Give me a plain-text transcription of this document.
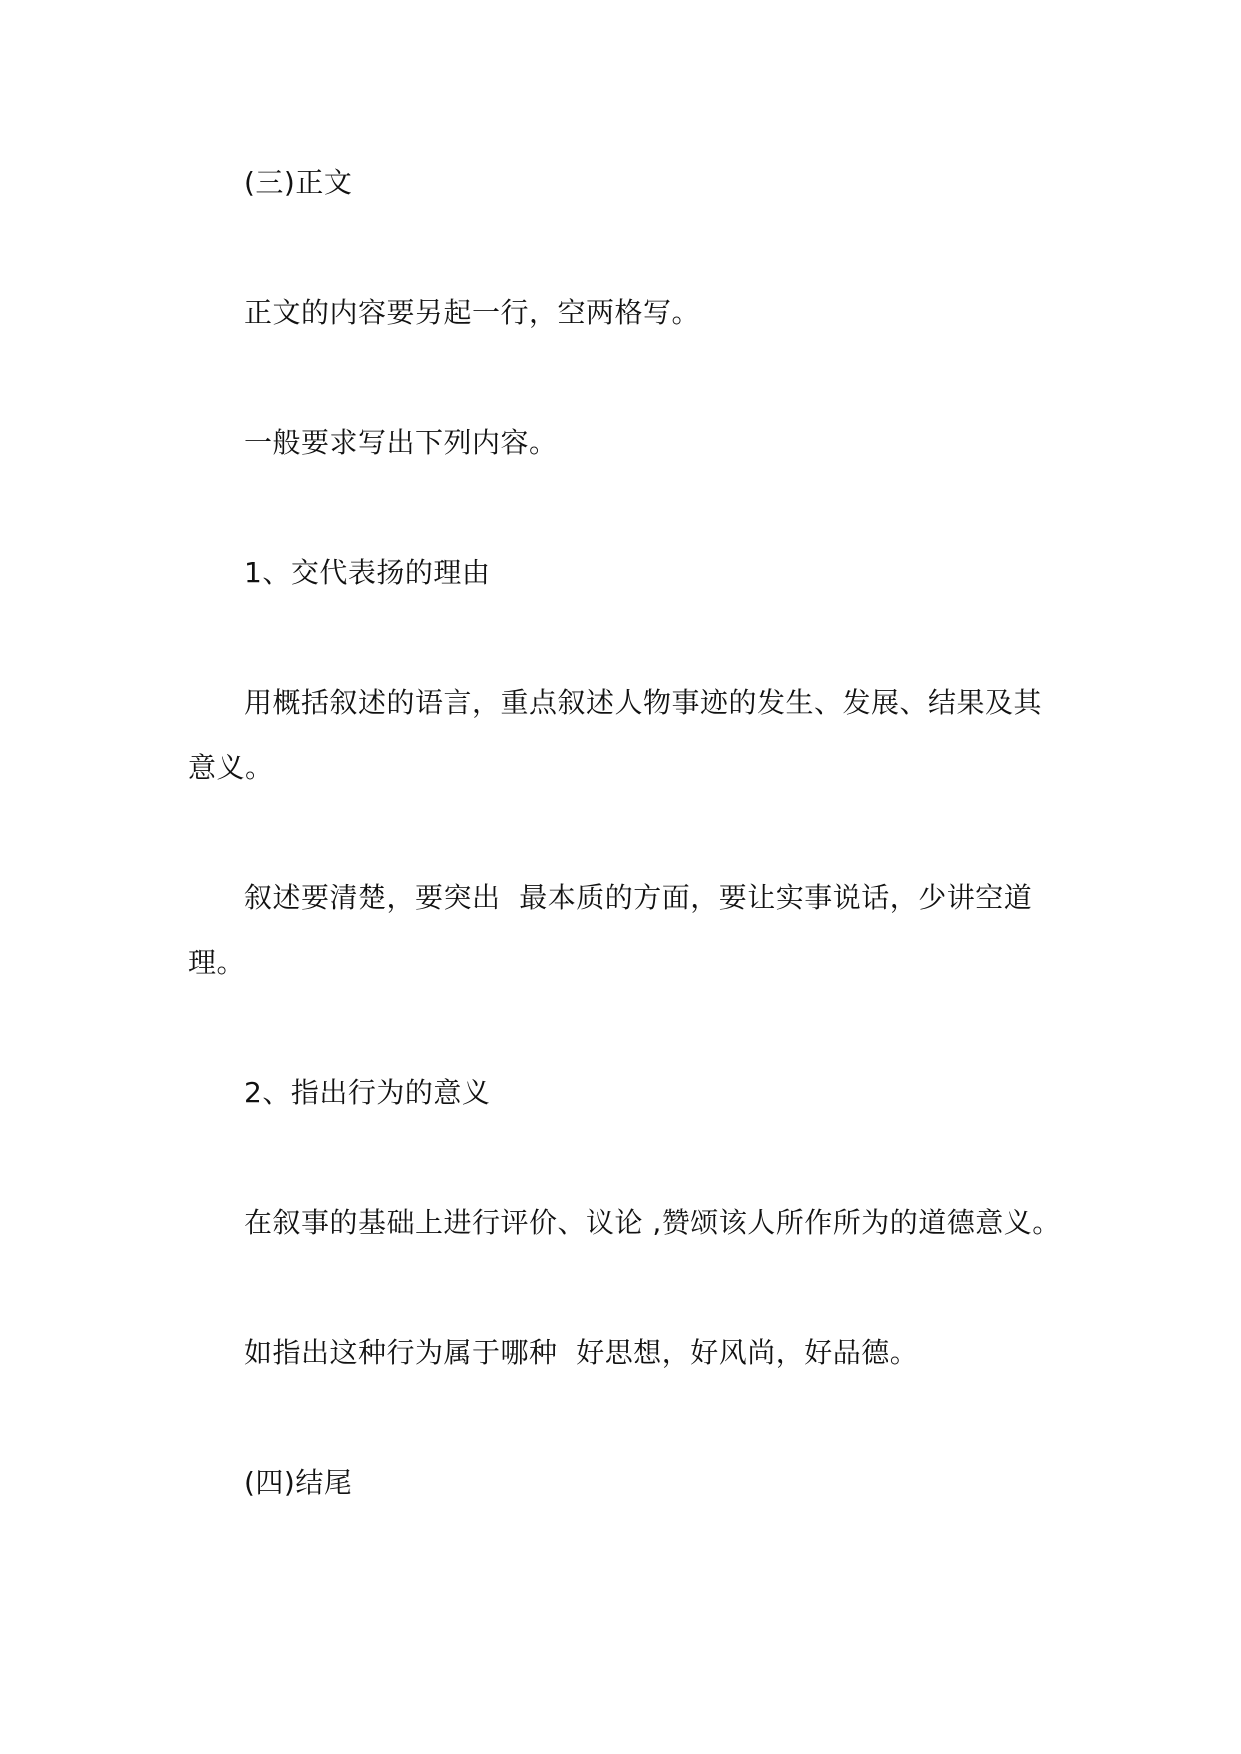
(三)正文

正文的内容要另起一行，空两格写。

一般要求写出下列内容。

1、交代表扬的理由

用概括叙述的语言，重点叙述人物事迹的发生、发展、结果及其意义。

叙述要清楚，要突出  最本质的方面，要让实事说话，少讲空道理。

2、指出行为的意义

在叙事的基础上进行评价、议论 ,赞颂该人所作所为的道德意义。

如指出这种行为属于哪种  好思想，好风尚，好品德。

(四)结尾
